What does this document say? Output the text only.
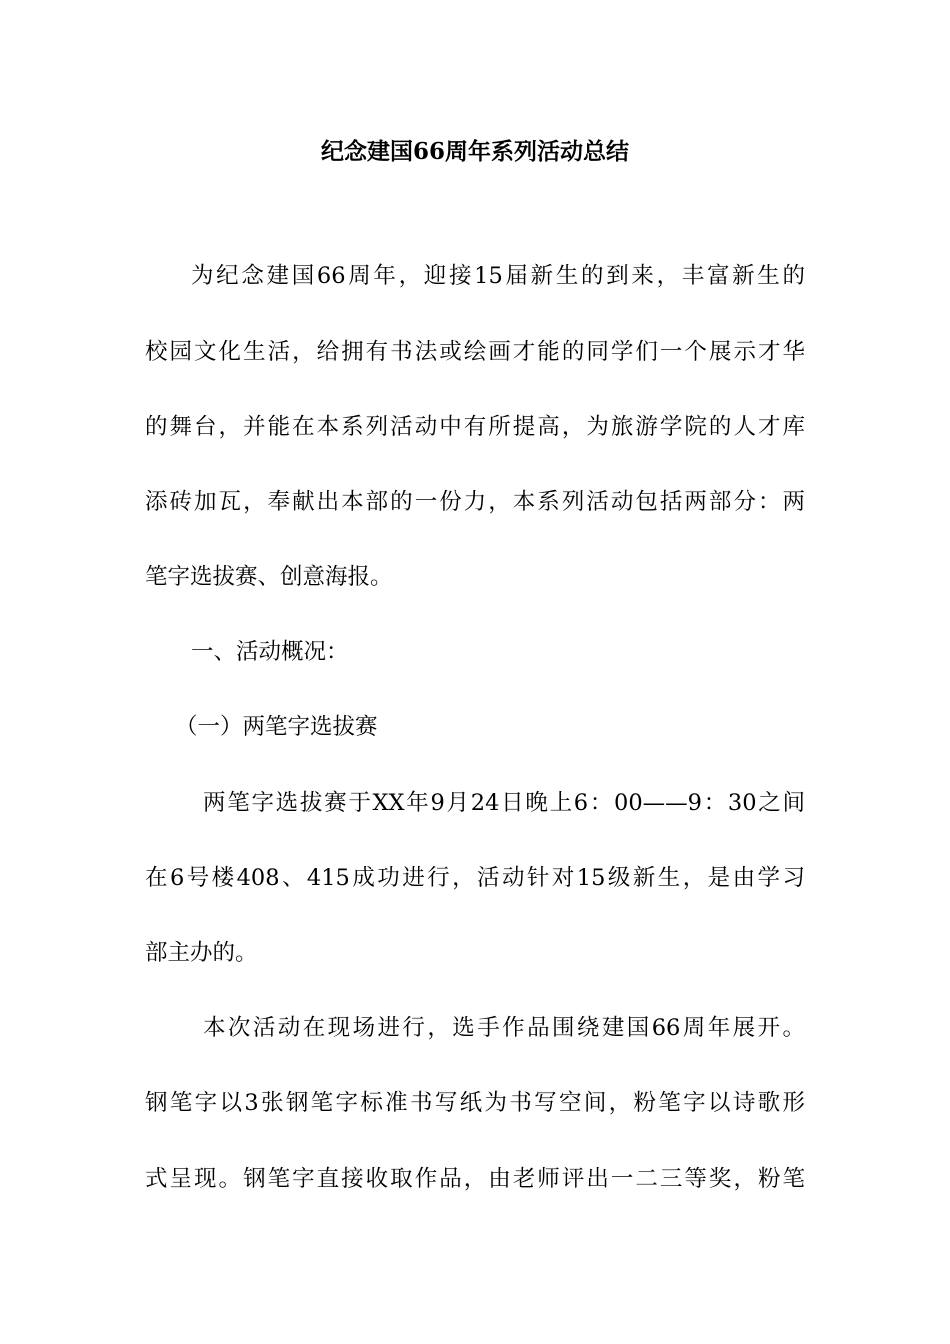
纪念建国66周年系列活动总结
为纪念建国66周年，迎接15届新生的到来，丰富新生的
校园文化生活，给拥有书法或绘画才能的同学们一个展示才华
的舞台，并能在本系列活动中有所提高，为旅游学院的人才库
添砖加瓦，奉献出本部的一份力，本系列活动包括两部分：两
笔字选拔赛、创意海报。
一、活动概况：
（一）两笔字选拔赛
两笔字选拔赛于XX年9月24日晚上6：00——9：30之间
在6号楼408、415成功进行，活动针对15级新生，是由学习
部主办的。
本次活动在现场进行，选手作品围绕建国66周年展开。
钢笔字以3张钢笔字标准书写纸为书写空间，粉笔字以诗歌形
式呈现。钢笔字直接收取作品，由老师评出一二三等奖，粉笔
